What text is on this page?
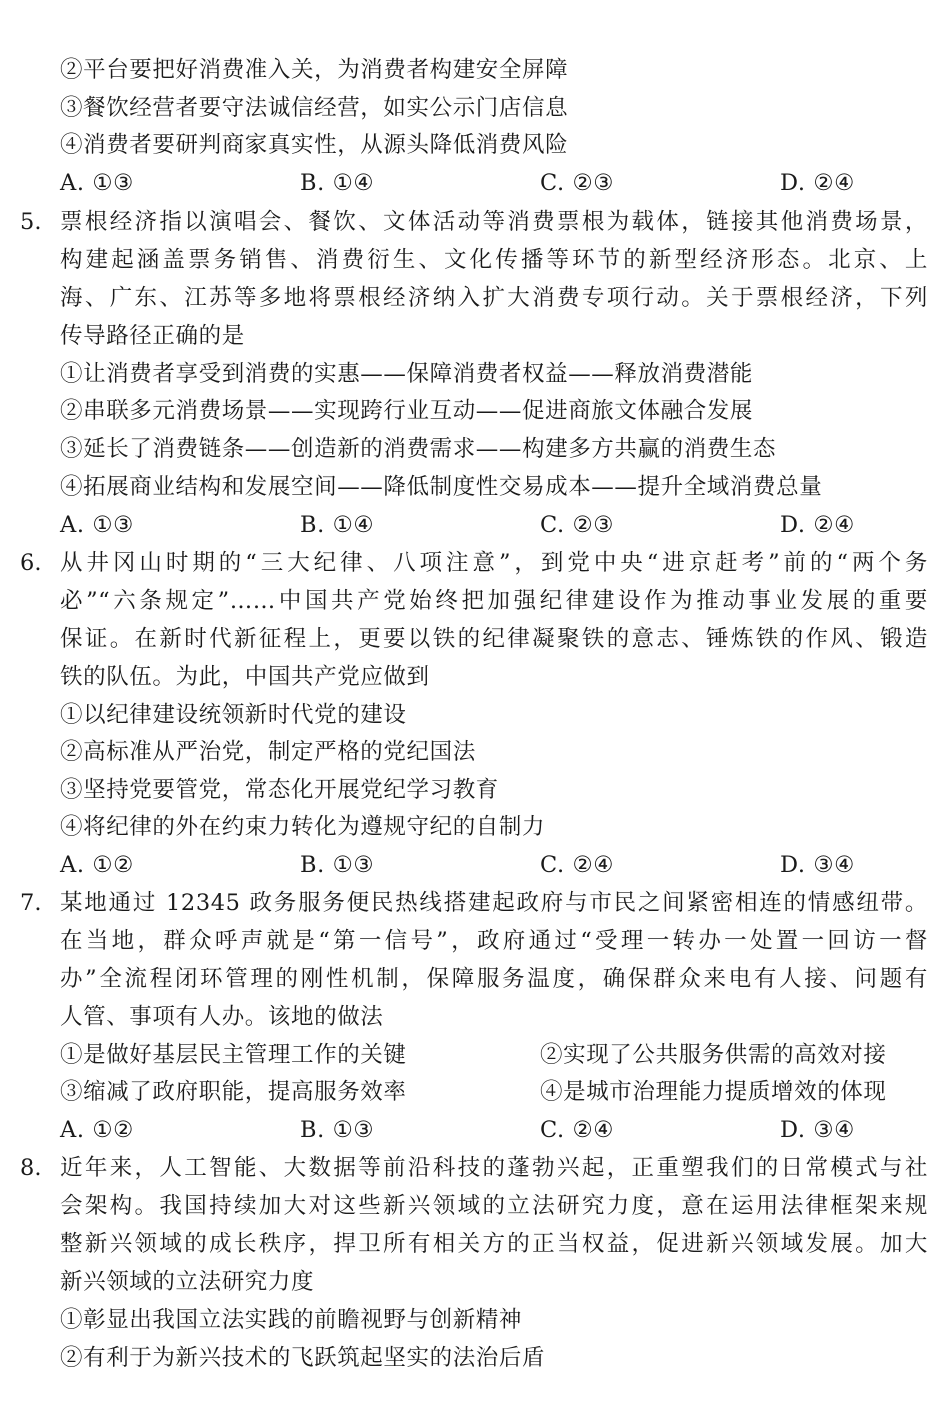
②平台要把好消费准入关，为消费者构建安全屏障
③餐饮经营者要守法诚信经营，如实公示门店信息
④消费者要研判商家真实性，从源头降低消费风险
A. ①③	B. ①④	C. ②③	D. ②④
5. 票根经济指以演唱会、餐饮、文体活动等消费票根为载体，链接其他消费场景，
构建起涵盖票务销售、消费衍生、文化传播等环节的新型经济形态。北京、上
海、广东、江苏等多地将票根经济纳入扩大消费专项行动。关于票根经济，下列
传导路径正确的是
①让消费者享受到消费的实惠——保障消费者权益——释放消费潜能
②串联多元消费场景——实现跨行业互动——促进商旅文体融合发展
③延长了消费链条——创造新的消费需求——构建多方共赢的消费生态
④拓展商业结构和发展空间——降低制度性交易成本——提升全域消费总量
A. ①③	B. ①④	C. ②③	D. ②④
6. 从井冈山时期的“三大纪律、八项注意”，到党中央“进京赶考”前的“两个务
必”“六条规定”……中国共产党始终把加强纪律建设作为推动事业发展的重要
保证。在新时代新征程上，更要以铁的纪律凝聚铁的意志、锤炼铁的作风、锻造
铁的队伍。为此，中国共产党应做到
①以纪律建设统领新时代党的建设
②高标准从严治党，制定严格的党纪国法
③坚持党要管党，常态化开展党纪学习教育
④将纪律的外在约束力转化为遵规守纪的自制力
A. ①②	B. ①③	C. ②④	D. ③④
7. 某地通过 12345 政务服务便民热线搭建起政府与市民之间紧密相连的情感纽带。
在当地，群众呼声就是“第一信号”，政府通过“受理一转办一处置一回访一督
办”全流程闭环管理的刚性机制，保障服务温度，确保群众来电有人接、问题有
人管、事项有人办。该地的做法
①是做好基层民主管理工作的关键	②实现了公共服务供需的高效对接
③缩减了政府职能，提高服务效率	④是城市治理能力提质增效的体现
A. ①②	B. ①③	C. ②④	D. ③④
8. 近年来，人工智能、大数据等前沿科技的蓬勃兴起，正重塑我们的日常模式与社
会架构。我国持续加大对这些新兴领域的立法研究力度，意在运用法律框架来规
整新兴领域的成长秩序，捍卫所有相关方的正当权益，促进新兴领域发展。加大
新兴领域的立法研究力度
①彰显出我国立法实践的前瞻视野与创新精神
②有利于为新兴技术的飞跃筑起坚实的法治后盾
